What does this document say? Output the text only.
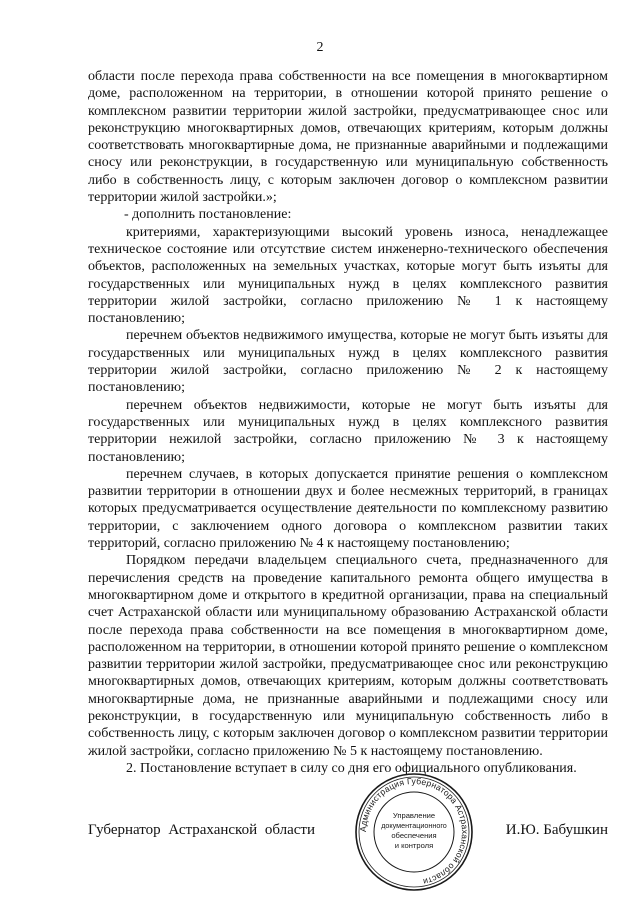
2

области после перехода права собственности на все помещения в многоквартирном доме, расположенном на территории, в отношении которой принято решение о комплексном развитии территории жилой застройки, предусматривающее снос или реконструкцию многоквартирных домов, отвечающих критериям, которым должны соответствовать многоквартирные дома, не признанные аварийными и подлежащими сносу или реконструкции, в государственную или муниципальную собственность либо в собственность лицу, с которым заключен договор о комплексном развитии территории жилой застройки.»;

- дополнить постановление:

критериями, характеризующими высокий уровень износа, ненадлежащее техническое состояние или отсутствие систем инженерно-технического обеспечения объектов, расположенных на земельных участках, которые могут быть изъяты для государственных или муниципальных нужд в целях комплексного развития территории жилой застройки, согласно приложению № 1 к настоящему постановлению;

перечнем объектов недвижимого имущества, которые не могут быть изъяты для государственных или муниципальных нужд в целях комплексного развития территории жилой застройки, согласно приложению № 2 к настоящему постановлению;

перечнем объектов недвижимости, которые не могут быть изъяты для государственных или муниципальных нужд в целях комплексного развития территории нежилой застройки, согласно приложению № 3 к настоящему постановлению;

перечнем случаев, в которых допускается принятие решения о комплексном развитии территории в отношении двух и более несмежных территорий, в границах которых предусматривается осуществление деятельности по комплексному развитию территории, с заключением одного договора о комплексном развитии таких территорий, согласно приложению № 4 к настоящему постановлению;

Порядком передачи владельцем специального счета, предназначенного для перечисления средств на проведение капитального ремонта общего имущества в многоквартирном доме и открытого в кредитной организации, права на специальный счет Астраханской области или муниципальному образованию Астраханской области после перехода права собственности на все помещения в многоквартирном доме, расположенном на территории, в отношении которой принято решение о комплексном развитии территории жилой застройки, предусматривающее снос или реконструкцию многоквартирных домов, отвечающих критериям, которым должны соответствовать многоквартирные дома, не признанные аварийными и подлежащими сносу или реконструкции, в государственную или муниципальную собственность либо в собственность лицу, с которым заключен договор о комплексном развитии территории жилой застройки, согласно приложению № 5 к настоящему постановлению.

2. Постановление вступает в силу со дня его официального опубликования.

Губернатор Астраханской области	И.Ю. Бабушкин
Администрация Губернатора Астраханской области
Управление
документационного
обеспечения
и контроля
